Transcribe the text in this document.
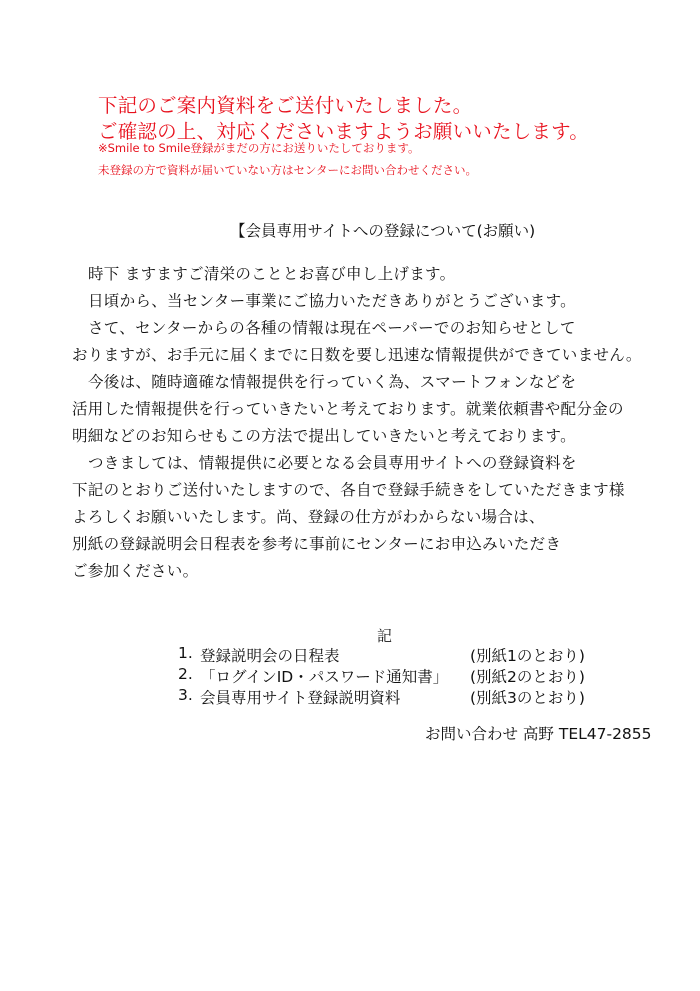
下記のご案内資料をご送付いたしました。
ご確認の上、対応くださいますようお願いいたします。
※Smile to Smile登録がまだの方にお送りいたしております。
未登録の方で資料が届いていない方はセンターにお問い合わせください。
【会員専用サイトへの登録について(お願い)
時下 ますますご清栄のこととお喜び申し上げます。
日頃から、当センター事業にご協力いただきありがとうございます。
さて、センターからの各種の情報は現在ペーパーでのお知らせとして
おりますが、お手元に届くまでに日数を要し迅速な情報提供ができていません。
今後は、随時適確な情報提供を行っていく為、スマートフォンなどを
活用した情報提供を行っていきたいと考えております。就業依頼書や配分金の
明細などのお知らせもこの方法で提出していきたいと考えております。
つきましては、情報提供に必要となる会員専用サイトへの登録資料を
下記のとおりご送付いたしますので、各自で登録手続きをしていただきます様
よろしくお願いいたします。尚、登録の仕方がわからない場合は、
別紙の登録説明会日程表を参考に事前にセンターにお申込みいただき
ご参加ください。
記
1. 登録説明会の日程表	(別紙1のとおり)
2. 「ログインID・パスワード通知書」 (別紙2のとおり)
3. 会員専用サイト登録説明資料	(別紙3のとおり)
お問い合わせ 高野 TEL47-2855
